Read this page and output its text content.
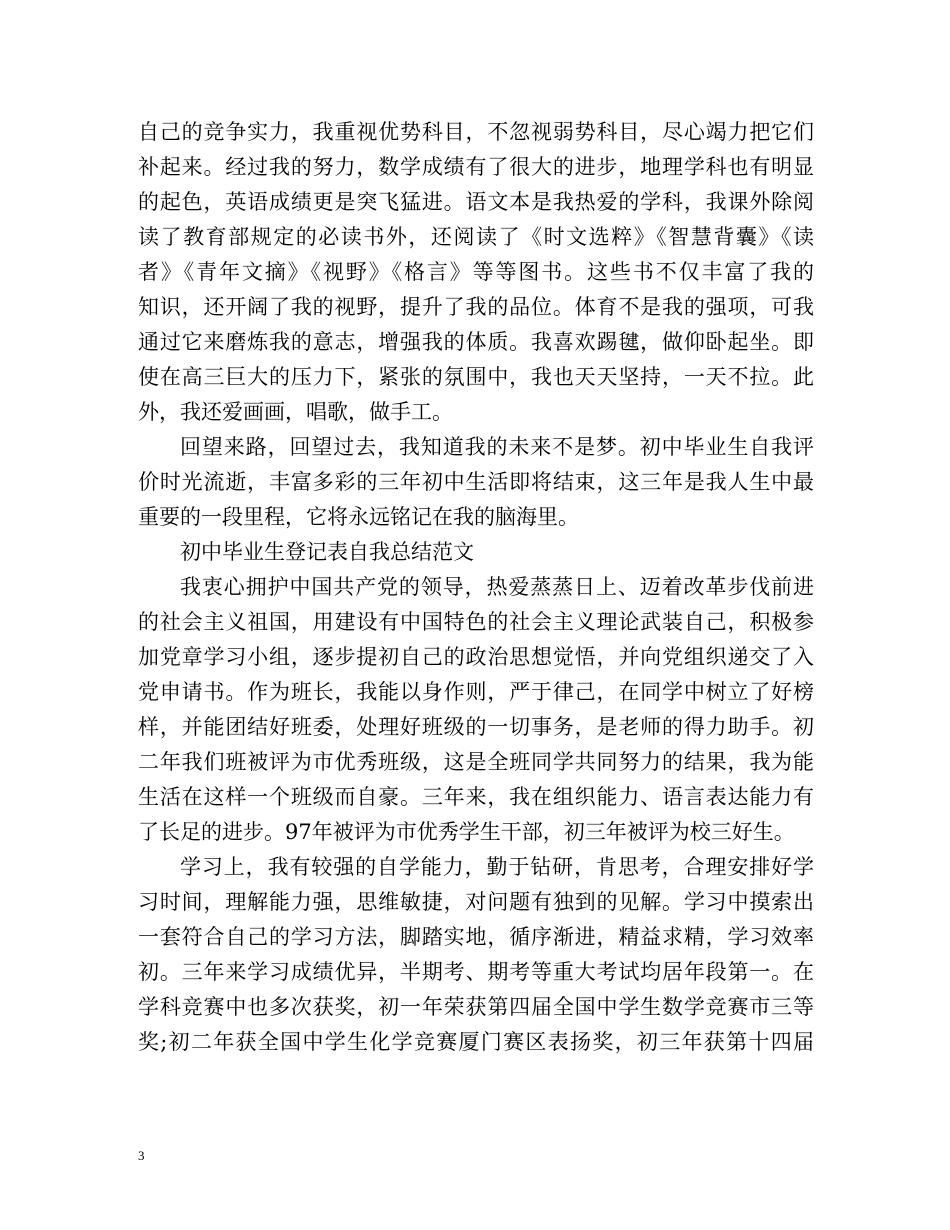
自己的竞争实力，我重视优势科目，不忽视弱势科目，尽心竭力把它们
补起来。经过我的努力，数学成绩有了很大的进步，地理学科也有明显
的起色，英语成绩更是突飞猛进。语文本是我热爱的学科，我课外除阅
读了教育部规定的必读书外，还阅读了《时文选粹》《智慧背囊》《读
者》《青年文摘》《视野》《格言》等等图书。这些书不仅丰富了我的
知识，还开阔了我的视野，提升了我的品位。体育不是我的强项，可我
通过它来磨炼我的意志，增强我的体质。我喜欢踢毽，做仰卧起坐。即
使在高三巨大的压力下，紧张的氛围中，我也天天坚持，一天不拉。此
外，我还爱画画，唱歌，做手工。
回望来路，回望过去，我知道我的未来不是梦。初中毕业生自我评
价时光流逝，丰富多彩的三年初中生活即将结束，这三年是我人生中最
重要的一段里程，它将永远铭记在我的脑海里。
初中毕业生登记表自我总结范文
我衷心拥护中国共产党的领导，热爱蒸蒸日上、迈着改革步伐前进
的社会主义祖国，用建设有中国特色的社会主义理论武装自己，积极参
加党章学习小组，逐步提初自己的政治思想觉悟，并向党组织递交了入
党申请书。作为班长，我能以身作则，严于律己，在同学中树立了好榜
样，并能团结好班委，处理好班级的一切事务，是老师的得力助手。初
二年我们班被评为市优秀班级，这是全班同学共同努力的结果，我为能
生活在这样一个班级而自豪。三年来，我在组织能力、语言表达能力有
了长足的进步。97年被评为市优秀学生干部，初三年被评为校三好生。
学习上，我有较强的自学能力，勤于钻研，肯思考，合理安排好学
习时间，理解能力强，思维敏捷，对问题有独到的见解。学习中摸索出
一套符合自己的学习方法，脚踏实地，循序渐进，精益求精，学习效率
初。三年来学习成绩优异，半期考、期考等重大考试均居年段第一。在
学科竞赛中也多次获奖，初一年荣获第四届全国中学生数学竞赛市三等
奖;初二年获全国中学生化学竞赛厦门赛区表扬奖，初三年获第十四届
3
